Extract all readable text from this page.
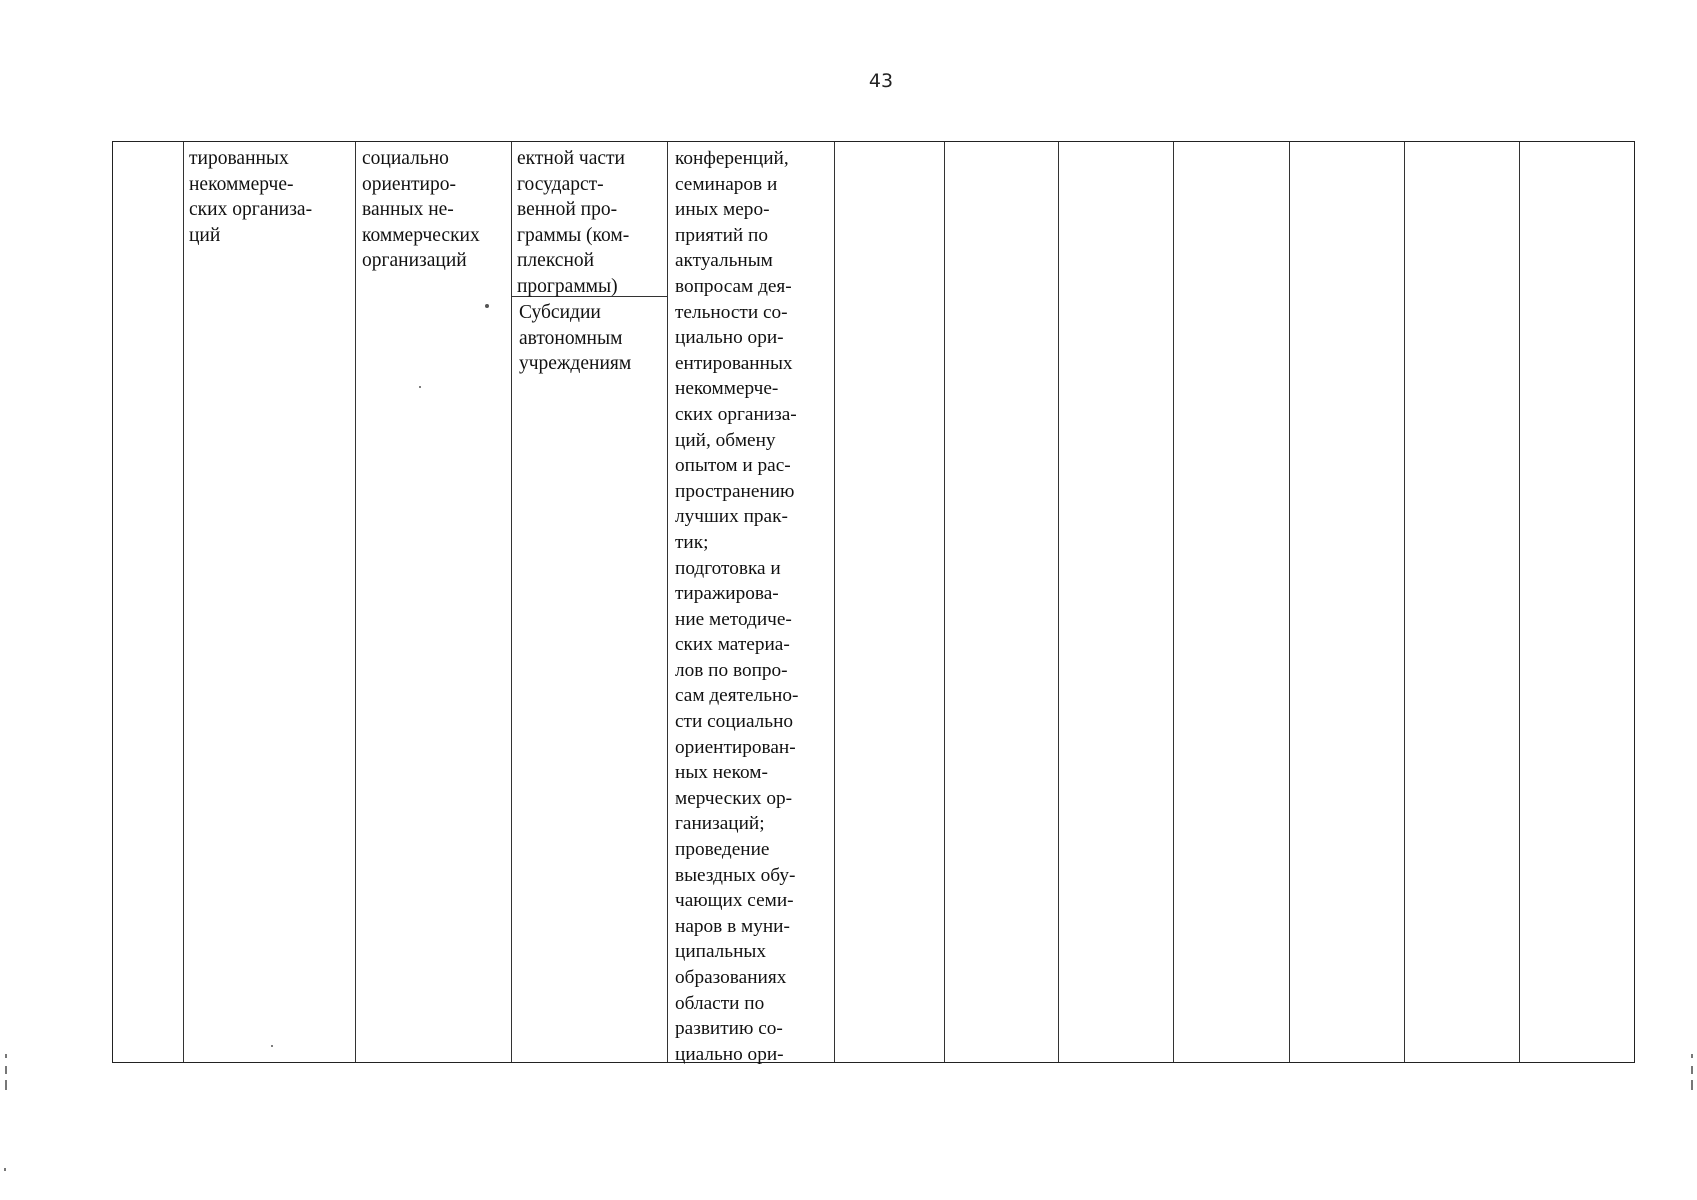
43
тированных
некоммерче-
ских организа-
ций
социально
ориентиро-
ванных не-
коммерческих
организаций
ектной части
государст-
венной про-
граммы (ком-
плексной
программы)
Субсидии
автономным
учреждениям
конференций,
семинаров и
иных меро-
приятий по
актуальным
вопросам дея-
тельности со-
циально ори-
ентированных
некоммерче-
ских организа-
ций, обмену
опытом и рас-
пространению
лучших прак-
тик;
подготовка и
тиражирова-
ние методиче-
ских материа-
лов по вопро-
сам деятельно-
сти социально
ориентирован-
ных неком-
мерческих ор-
ганизаций;
проведение
выездных обу-
чающих семи-
наров в муни-
ципальных
образованиях
области по
развитию со-
циально ори-
